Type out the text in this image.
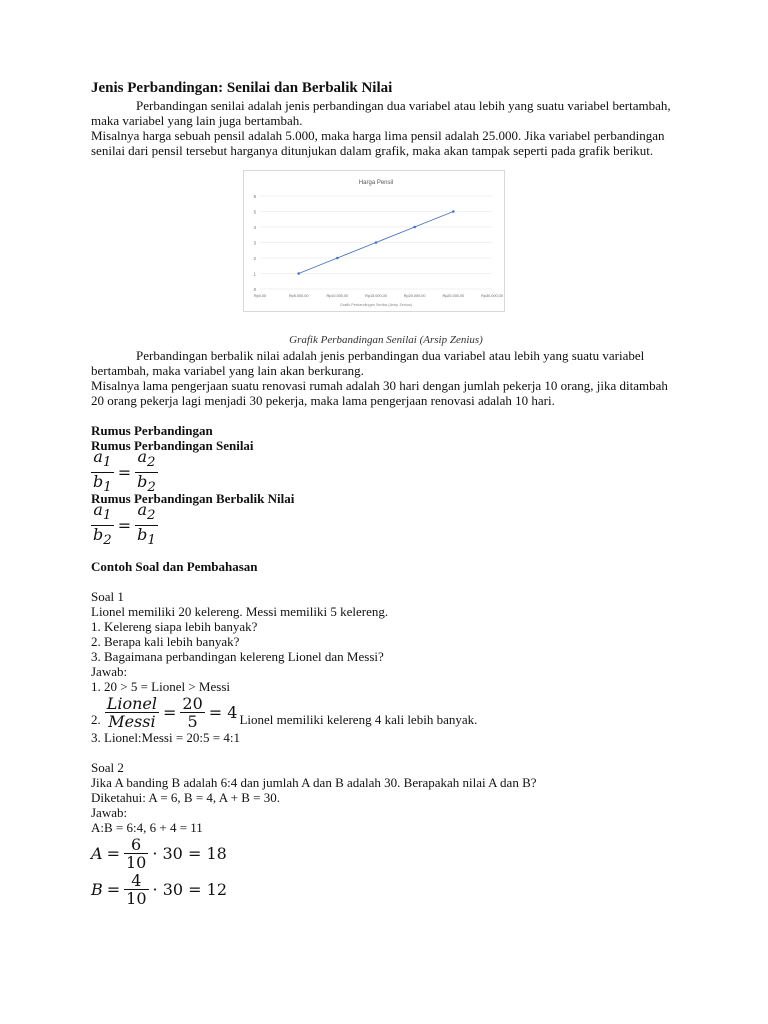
Jenis Perbandingan: Senilai dan Berbalik Nilai

Perbandingan senilai adalah jenis perbandingan dua variabel atau lebih yang suatu variabel bertambah, maka variabel yang lain juga bertambah.

Misalnya harga sebuah pensil adalah 5.000, maka harga lima pensil adalah 25.000. Jika variabel perbandingan senilai dari pensil tersebut harganya ditunjukan dalam grafik, maka akan tampak seperti pada grafik berikut.

Harga Pensil
0
1
2
3
4
5
6
Rp0,00	Rp5.000,00	Rp10.000,00	Rp15.000,00	Rp20.000,00	Rp25.000,00	Rp30.000,00
Grafik Perbandingan Senilai (Arsip Zenius)
Grafik Perbandingan Senilai (Arsip Zenius)

Perbandingan berbalik nilai adalah jenis perbandingan dua variabel atau lebih yang suatu variabel bertambah, maka variabel yang lain akan berkurang.

Misalnya lama pengerjaan suatu renovasi rumah adalah 30 hari dengan jumlah pekerja 10 orang, jika ditambah 20 orang pekerja lagi menjadi 30 pekerja, maka lama pengerjaan renovasi adalah 10 hari.

Rumus Perbandingan

Rumus Perbandingan Senilai

$\frac{a_1}{b_1} = \frac{a_2}{b_2}$

Rumus Perbandingan Berbalik Nilai

$\frac{a_1}{b_2} = \frac{a_2}{b_1}$

Contoh Soal dan Pembahasan

Soal 1

Lionel memiliki 20 kelereng. Messi memiliki 5 kelereng.

1. Kelereng siapa lebih banyak?

2. Berapa kali lebih banyak?

3. Bagaimana perbandingan kelereng Lionel dan Messi?

Jawab:

1. 20 > 5 = Lionel > Messi

2. $\frac{\text{Lionel}}{\text{Messi}} = \frac{20}{5} = 4$ Lionel memiliki kelereng 4 kali lebih banyak.

3. Lionel:Messi = 20:5 = 4:1

Soal 2

Jika A banding B adalah 6:4 dan jumlah A dan B adalah 30. Berapakah nilai A dan B?

Diketahui: A = 6, B = 4, A + B = 30.

Jawab:

A:B = 6:4, 6 + 4 = 11

$A = \frac{6}{10} \cdot 30 = 18$
$B = \frac{4}{10} \cdot 30 = 12$
